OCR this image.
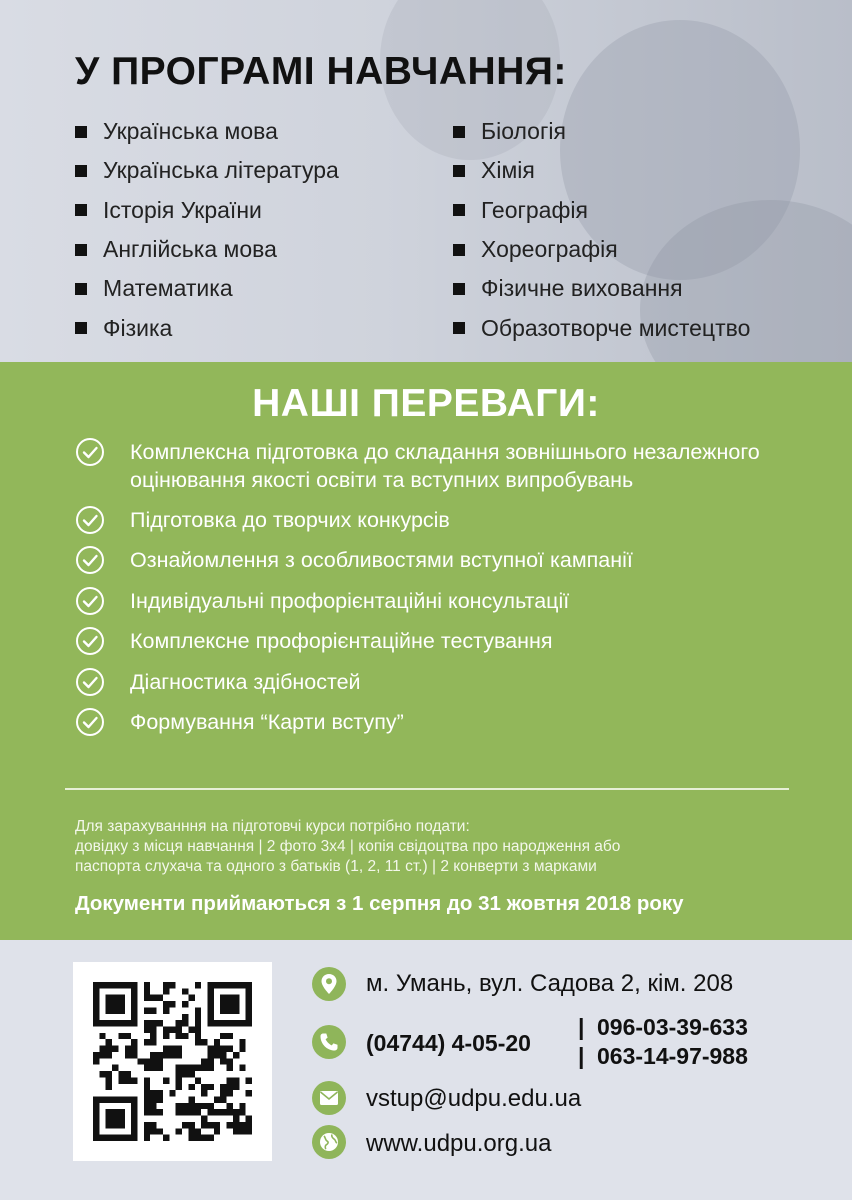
У ПРОГРАМІ НАВЧАННЯ:
Українська мова
Українська література
Історія України
Англійська мова
Математика
Фізика
Біологія
Хімія
Географія
Хореографія
Фізичне виховання
Образотворче мистецтво
НАШІ ПЕРЕВАГИ:
Комплексна підготовка до складання зовнішнього незалежного оцінювання якості освіти та вступних випробувань
Підготовка до творчих конкурсів
Ознайомлення з особливостями вступної кампанії
Індивідуальні профорієнтаційні консультації
Комплексне профорієнтаційне тестування
Діагностика здібностей
Формування “Карти вступу”
Для зарахуванння на підготовчі курси потрібно подати:
довідку з місця навчання | 2 фото 3х4 | копія свідоцтва про народження або
паспорта слухача та одного з батьків (1, 2, 11 ст.) | 2 конверти з марками
Документи приймаються з 1 серпня до 31 жовтня 2018 року
м. Умань, вул. Садова 2, кім. 208
(04744) 4-05-20
|
|
096-03-39-633
063-14-97-988
vstup@udpu.edu.ua
www.udpu.org.ua
